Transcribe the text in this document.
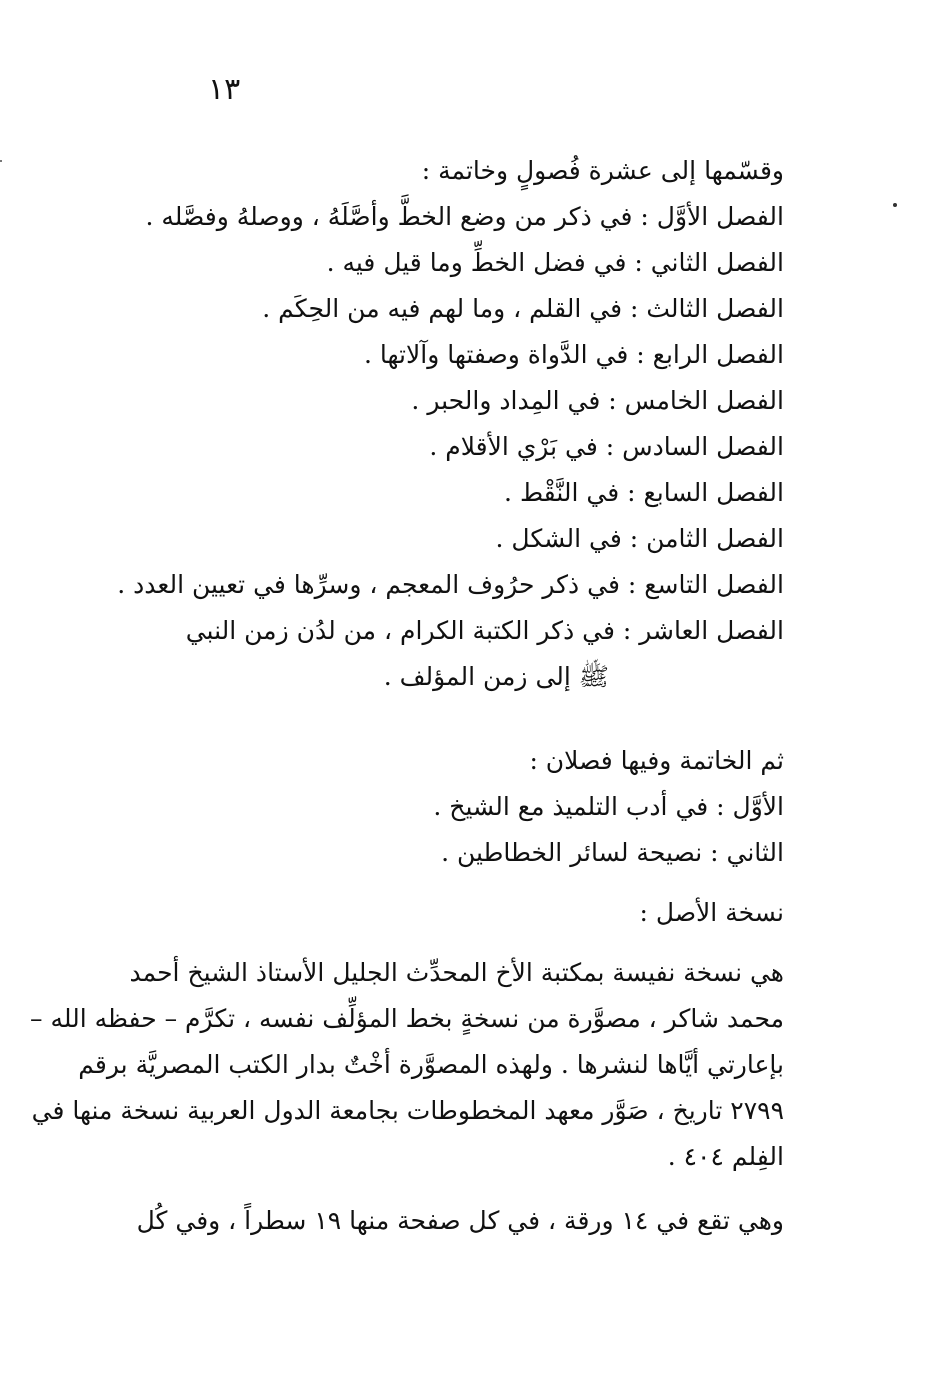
١٣
وقسّمها إلى عشرة فُصولٍ وخاتمة :
الفصل الأوَّل : في ذكر من وضع الخطَّ وأصَّلَهُ ، ووصلهُ وفصَّله .
الفصل الثاني : في فضل الخطِّ وما قيل فيه .
الفصل الثالث : في القلم ، وما لهم فيه من الحِكَم .
الفصل الرابع : في الدَّواة وصفتها وآلاتها .
الفصل الخامس : في المِداد والحبر .
الفصل السادس : في بَرْي الأقلام .
الفصل السابع : في النَّقْط .
الفصل الثامن : في الشكل .
الفصل التاسع : في ذكر حرُوف المعجم ، وسرِّها في تعيين العدد .
الفصل العاشر : في ذكر الكتبة الكرام ، من لدُن زمن النبي
ﷺ إلى زمن المؤلف .
ثم الخاتمة وفيها فصلان :
الأوَّل : في أدب التلميذ مع الشيخ .
الثاني : نصيحة لسائر الخطاطين .
نسخة الأصل :
هي نسخة نفيسة بمكتبة الأخ المحدِّث الجليل الأستاذ الشيخ أحمد
محمد شاكر ، مصوَّرة من نسخةٍ بخط المؤلِّف نفسه ، تكرَّم – حفظه الله –
بإعارتي أيَّاها لنشرها . ولهذه المصوَّرة أخْتٌ بدار الكتب المصريَّة برقم
٢٧٩٩ تاريخ ، صَوَّر معهد المخطوطات بجامعة الدول العربية نسخة منها في
الفِلم ٤٠٤ .
وهي تقع في ١٤ ورقة ، في كل صفحة منها ١٩ سطراً ، وفي كُل
